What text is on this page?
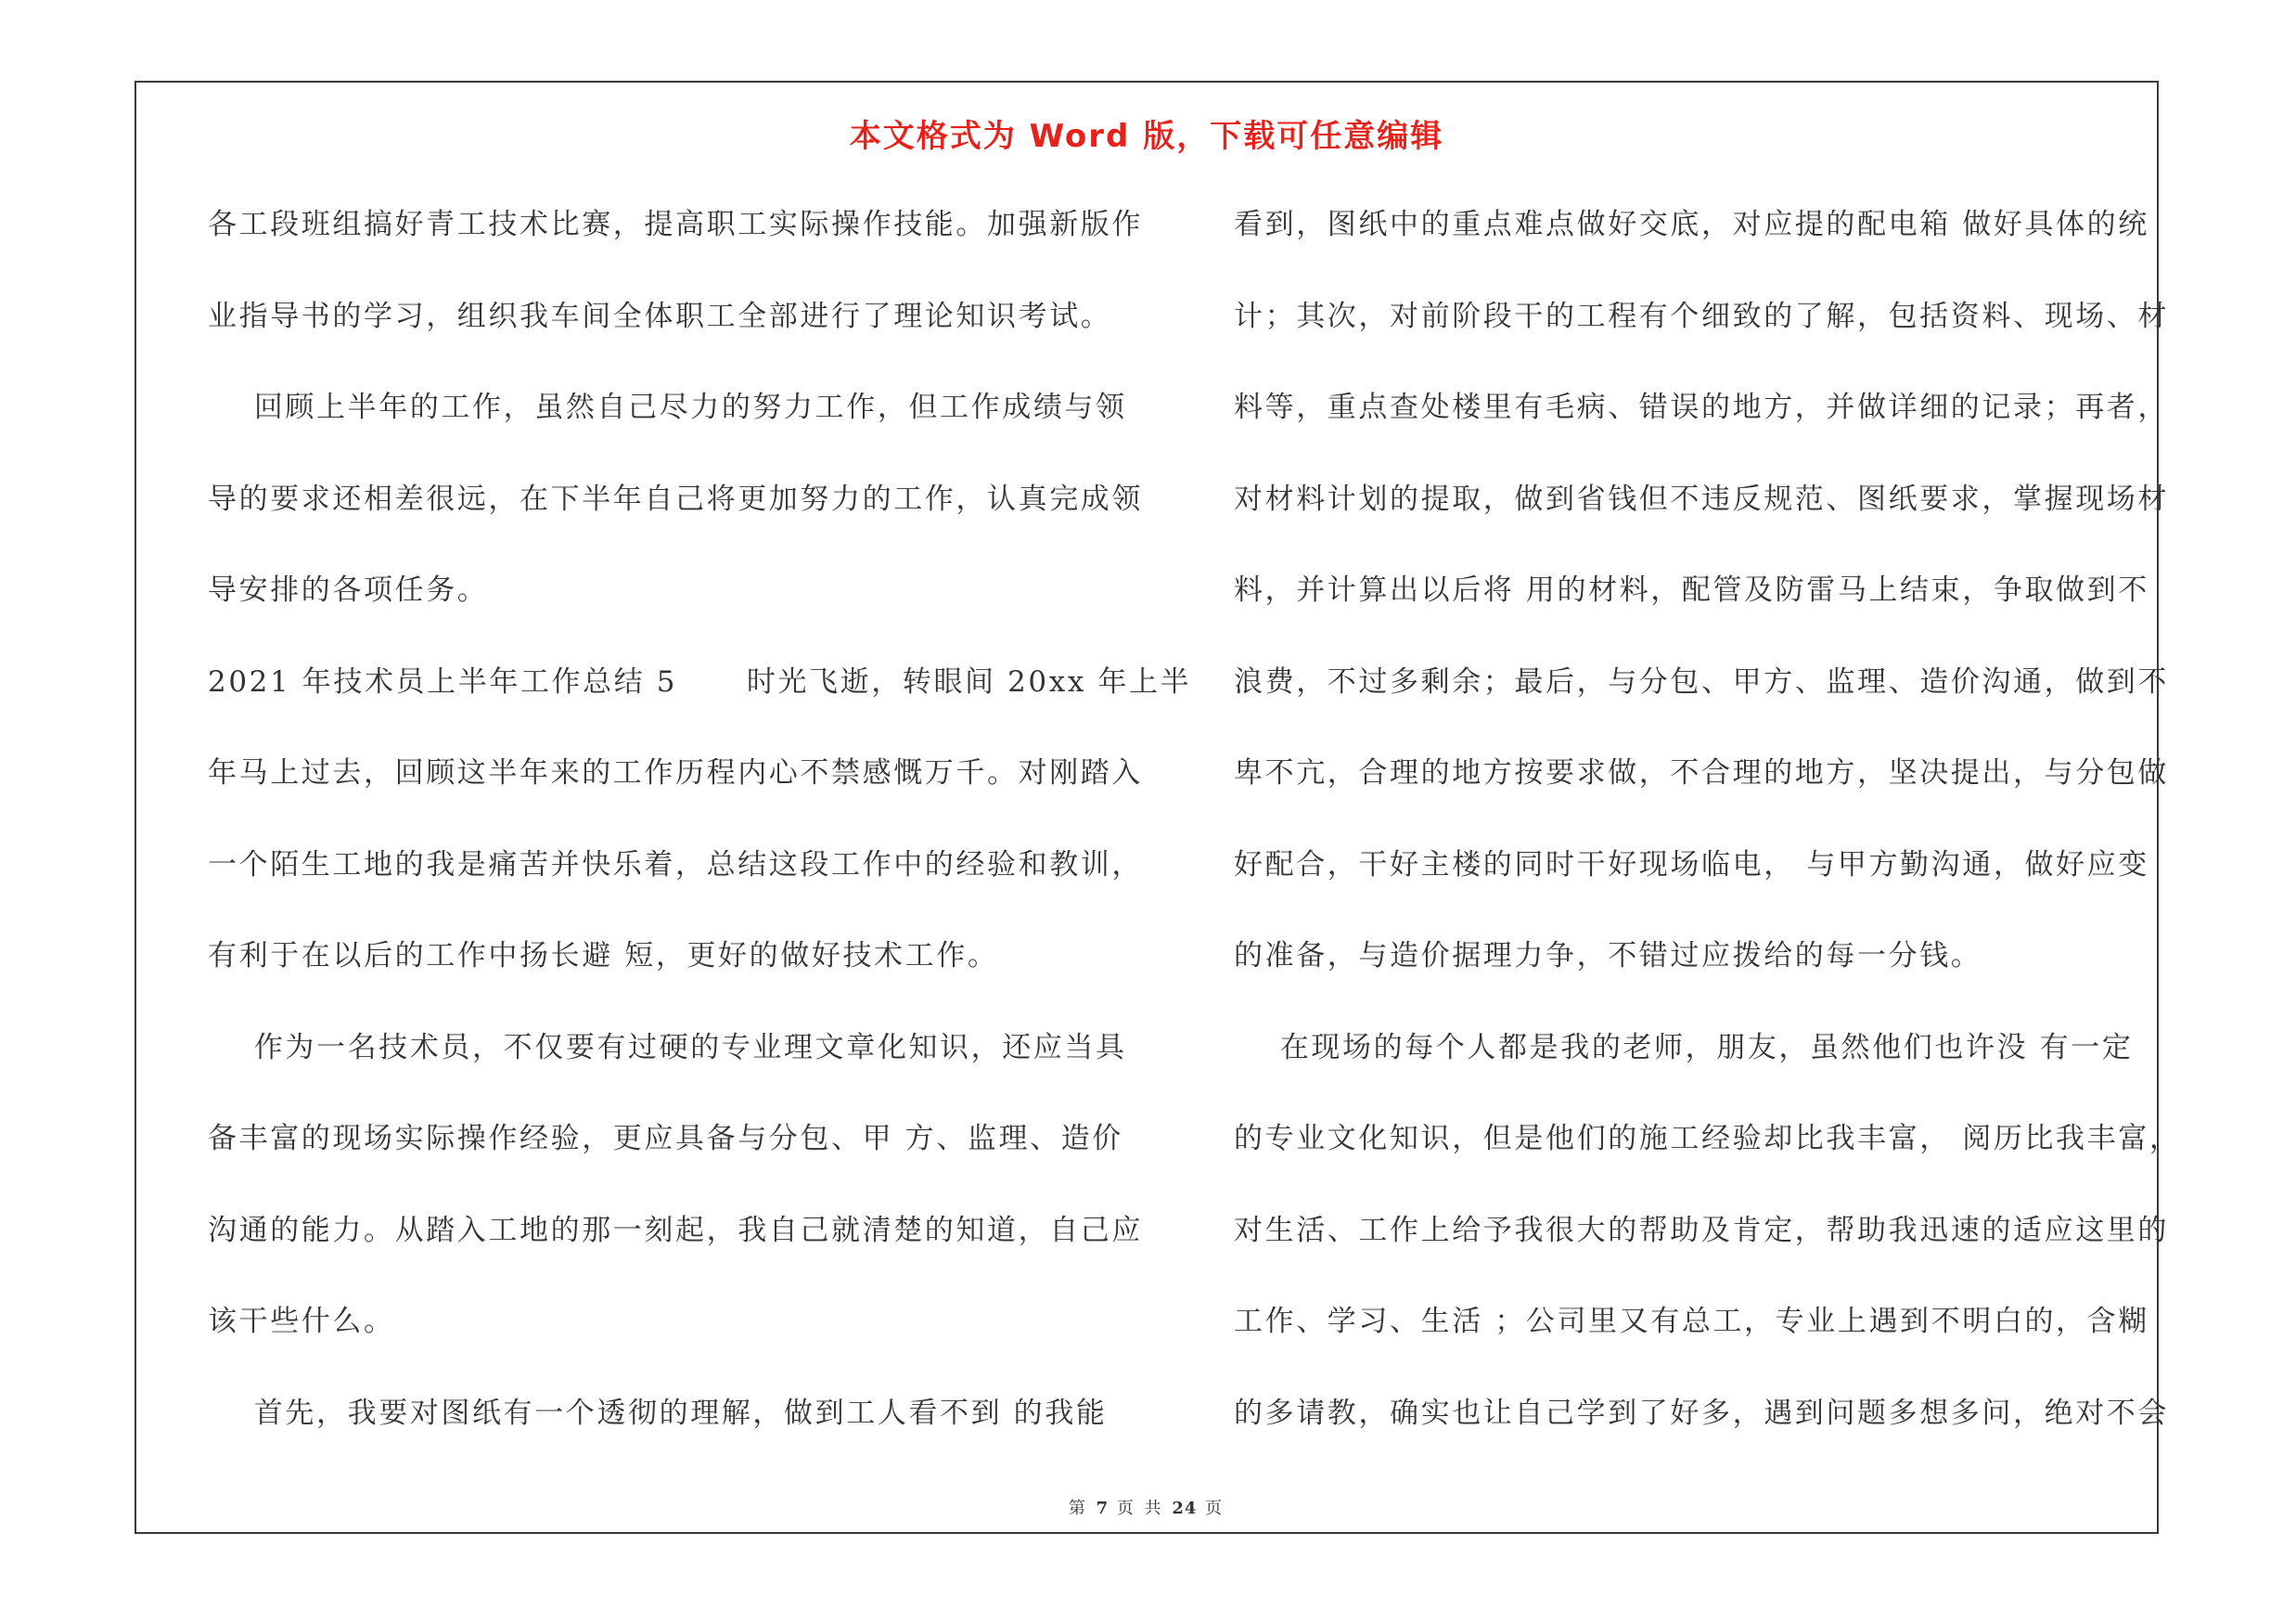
本文格式为 Word 版，下载可任意编辑
各工段班组搞好青工技术比赛，提高职工实际操作技能。加强新版作
业指导书的学习，组织我车间全体职工全部进行了理论知识考试。
回顾上半年的工作，虽然自己尽力的努力工作，但工作成绩与领
导的要求还相差很远，在下半年自己将更加努力的工作，认真完成领
导安排的各项任务。
2021 年技术员上半年工作总结 5      时光飞逝，转眼间 20xx 年上半
年马上过去，回顾这半年来的工作历程内心不禁感慨万千。对刚踏入
一个陌生工地的我是痛苦并快乐着，总结这段工作中的经验和教训，
有利于在以后的工作中扬长避 短，更好的做好技术工作。
作为一名技术员，不仅要有过硬的专业理文章化知识，还应当具
备丰富的现场实际操作经验，更应具备与分包、甲 方、监理、造价
沟通的能力。从踏入工地的那一刻起，我自己就清楚的知道，自己应
该干些什么。
首先，我要对图纸有一个透彻的理解，做到工人看不到 的我能
看到，图纸中的重点难点做好交底，对应提的配电箱 做好具体的统
计；其次，对前阶段干的工程有个细致的了解，包括资料、现场、材
料等，重点查处楼里有毛病、错误的地方，并做详细的记录；再者，
对材料计划的提取，做到省钱但不违反规范、图纸要求，掌握现场材
料，并计算出以后将 用的材料，配管及防雷马上结束，争取做到不
浪费，不过多剩余；最后，与分包、甲方、监理、造价沟通，做到不
卑不亢，合理的地方按要求做，不合理的地方，坚决提出，与分包做
好配合，干好主楼的同时干好现场临电， 与甲方勤沟通，做好应变
的准备，与造价据理力争，不错过应拨给的每一分钱。
在现场的每个人都是我的老师，朋友，虽然他们也许没 有一定
的专业文化知识，但是他们的施工经验却比我丰富， 阅历比我丰富，
对生活、工作上给予我很大的帮助及肯定，帮助我迅速的适应这里的
工作、学习、生活 ；公司里又有总工，专业上遇到不明白的，含糊
的多请教，确实也让自己学到了好多，遇到问题多想多问，绝对不会
第 7 页 共 24 页
